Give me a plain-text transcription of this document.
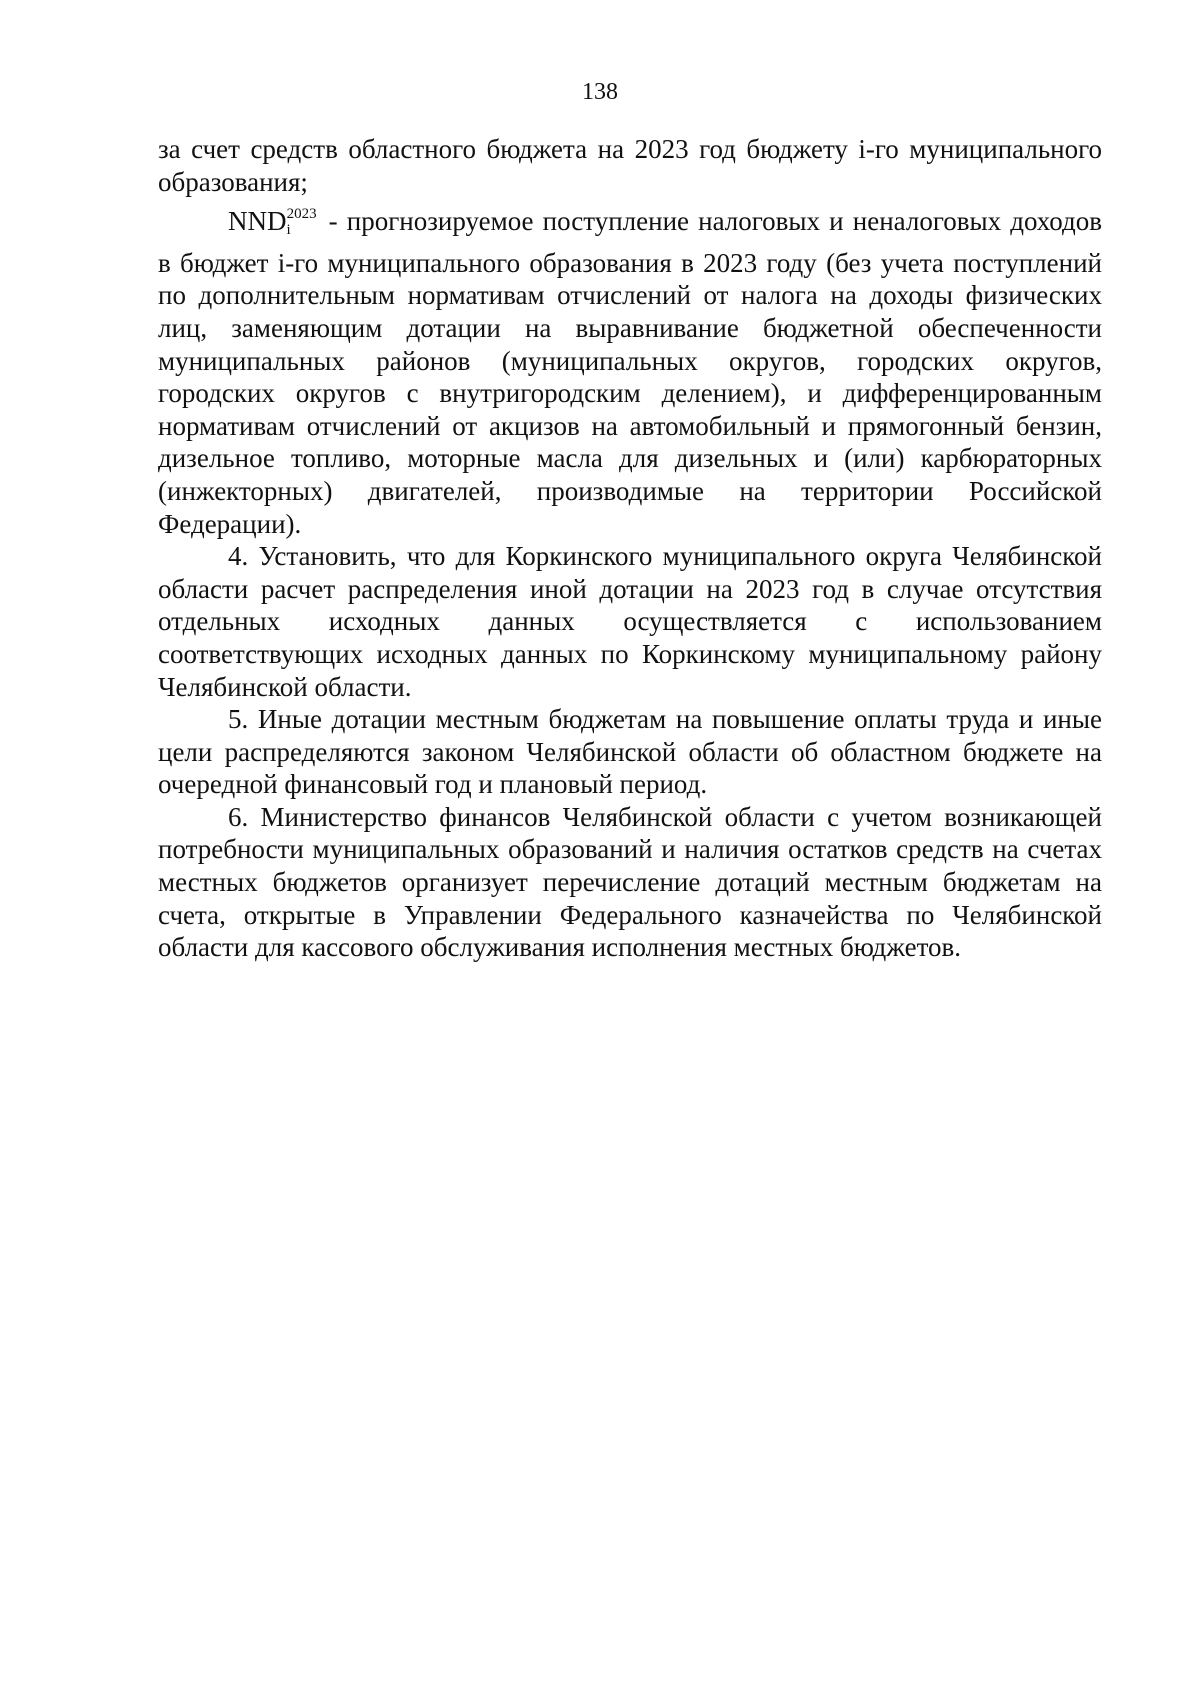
138

за счет средств областного бюджета на 2023 год бюджету i-го муниципального образования;

$NND_i^{2023}$ - прогнозируемое поступление налоговых и неналоговых доходов в бюджет i-го муниципального образования в 2023 году (без учета поступлений по дополнительным нормативам отчислений от налога на доходы физических лиц, заменяющим дотации на выравнивание бюджетной обеспеченности муниципальных районов (муниципальных округов, городских округов, городских округов с внутригородским делением), и дифференцированным нормативам отчислений от акцизов на автомобильный и прямогонный бензин, дизельное топливо, моторные масла для дизельных и (или) карбюраторных (инжекторных) двигателей, производимые на территории Российской Федерации).

4. Установить, что для Коркинского муниципального округа Челябинской области расчет распределения иной дотации на 2023 год в случае отсутствия отдельных исходных данных осуществляется с использованием соответствующих исходных данных по Коркинскому муниципальному району Челябинской области.

5. Иные дотации местным бюджетам на повышение оплаты труда и иные цели распределяются законом Челябинской области об областном бюджете на очередной финансовый год и плановый период.

6. Министерство финансов Челябинской области с учетом возникающей потребности муниципальных образований и наличия остатков средств на счетах местных бюджетов организует перечисление дотаций местным бюджетам на счета, открытые в Управлении Федерального казначейства по Челябинской области для кассового обслуживания исполнения местных бюджетов.
